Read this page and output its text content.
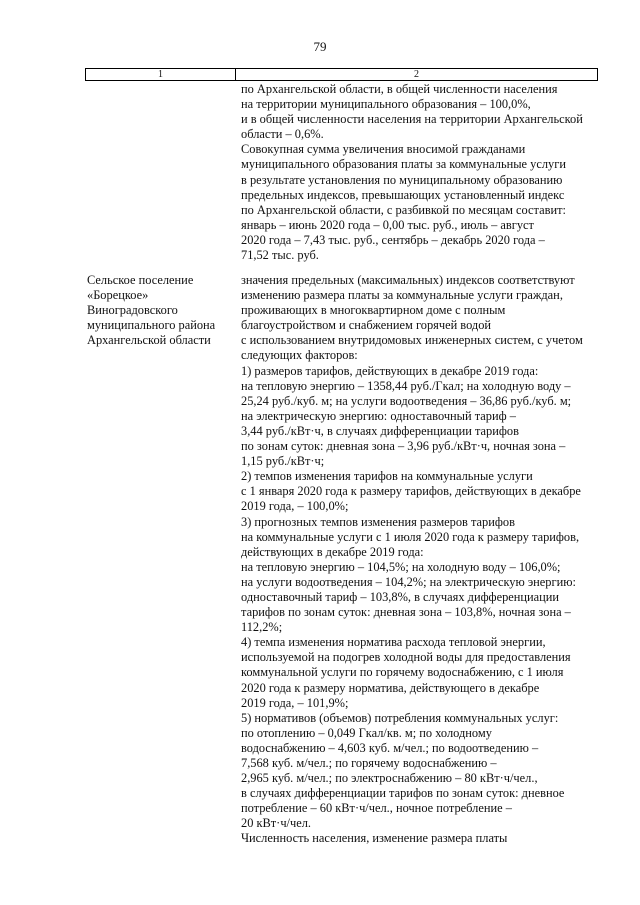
79
1	2
по Архангельской области, в общей численности населения
на территории муниципального образования – 100,0%,
и в общей численности населения на территории Архангельской
области – 0,6%.
Совокупная сумма увеличения вносимой гражданами
муниципального образования платы за коммунальные услуги
в результате установления по муниципальному образованию
предельных индексов, превышающих установленный индекс
по Архангельской области, с разбивкой по месяцам составит:
январь – июнь 2020 года – 0,00 тыс. руб., июль – август
2020 года – 7,43 тыс. руб., сентябрь – декабрь 2020 года –
71,52 тыс. руб.
Сельское поселение
«Борецкое»
Виноградовского
муниципального района
Архангельской области
значения предельных (максимальных) индексов соответствуют
изменению размера платы за коммунальные услуги граждан,
проживающих в многоквартирном доме с полным
благоустройством и снабжением горячей водой
с использованием внутридомовых инженерных систем, с учетом
следующих факторов:
1) размеров тарифов, действующих в декабре 2019 года:
на тепловую энергию – 1358,44 руб./Гкал; на холодную воду –
25,24 руб./куб. м; на услуги водоотведения – 36,86 руб./куб. м;
на электрическую энергию: одноставочный тариф –
3,44 руб./кВт·ч, в случаях дифференциации тарифов
по зонам суток: дневная зона – 3,96 руб./кВт·ч, ночная зона –
1,15 руб./кВт·ч;
2) темпов изменения тарифов на коммунальные услуги
с 1 января 2020 года к размеру тарифов, действующих в декабре
2019 года, – 100,0%;
3) прогнозных темпов изменения размеров тарифов
на коммунальные услуги с 1 июля 2020 года к размеру тарифов,
действующих в декабре 2019 года:
на тепловую энергию – 104,5%; на холодную воду – 106,0%;
на услуги водоотведения – 104,2%; на электрическую энергию:
одноставочный тариф – 103,8%, в случаях дифференциации
тарифов по зонам суток: дневная зона – 103,8%, ночная зона –
112,2%;
4) темпа изменения норматива расхода тепловой энергии,
используемой на подогрев холодной воды для предоставления
коммунальной услуги по горячему водоснабжению, с 1 июля
2020 года к размеру норматива, действующего в декабре
2019 года, – 101,9%;
5) нормативов (объемов) потребления коммунальных услуг:
по отоплению – 0,049 Гкал/кв. м; по холодному
водоснабжению – 4,603 куб. м/чел.; по водоотведению –
7,568 куб. м/чел.; по горячему водоснабжению –
2,965 куб. м/чел.; по электроснабжению – 80 кВт·ч/чел.,
в случаях дифференциации тарифов по зонам суток: дневное
потребление – 60 кВт·ч/чел., ночное потребление –
20 кВт·ч/чел.
Численность населения, изменение размера платы
